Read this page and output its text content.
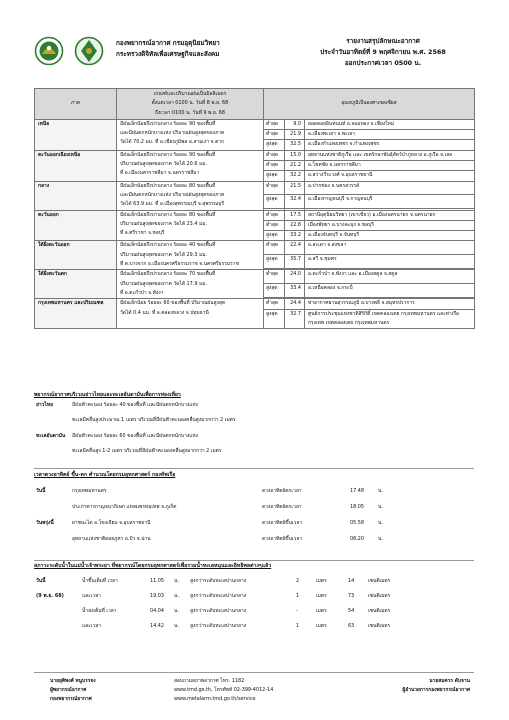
กองพยากรณ์อากาศ กรมอุตุนิยมวิทยา
กระทรวงดิจิทัลเพื่อเศรษฐกิจและสังคม
รายงานสรุปลักษณะอากาศ
ประจำวันอาทิตย์ที่ 9 พฤศจิกายน พ.ศ. 2568
ออกประกาศเวลา 0500 น.
ภาค	เกณฑ์และปริมาณฝนเป็นมิลลิเมตร
ตั้งแต่เวลา 0100 น. วันที่ 8 พ.ย. 68
ถึงเวลา 0100 น. วันที่ 9 พ.ย. 68	อุณหภูมิเป็นองศาเซลเซียส		
เหนือ	มีฝนเล็กน้อยถึงปานกลาง ร้อยละ 90 ของพื้นที่
และมีฝนตกหนักบางแห่ง ปริมาณฝนสูงสุดของภาค
วัดได้ 70.2 มม. ที่ อ.เชียงภูมิพล อ.สามเงา จ.ตาก	ต่ำสุด	9.0	ยอดดอยอินทนนท์ อ.จอมทอง จ.เชียงใหม่
		ต่ำสุด	21.9	อ.เมืองพะเยา จ.พะเยา
		สูงสุด	32.5	อ.เมืองกำแพงเพชร จ.กำแพงเพชร
ตะวันออกเฉียงเหนือ	มีฝนเล็กน้อยถึงปานกลาง ร้อยละ 90 ของพื้นที่
ปริมาณฝนสูงสุดของภาค วัดได้ 20.6 มม.
ที่ อ.เมืองนครราชสีมา จ.นครราชสีมา	ต่ำสุด	15.0	อุทยานแห่งชาติภูเรือ และ เขตรักษาพันธุ์สัตว์ป่าภูหลวง อ.ภูเรือ จ.เลย
		ต่ำสุด	21.2	อ.โชคชัย จ.นครราชสีมา
		สูงสุด	32.2	อ.สว่างวีระวงศ์ จ.อุบลราชธานี
กลาง	มีฝนเล็กน้อยถึงปานกลาง ร้อยละ 80 ของพื้นที่
และมีฝนตกหนักบางแห่ง ปริมาณฝนสูงสุดของภาค
วัดได้ 63.9 มม. ที่ อ.เมืองสุพรรณบุรี จ.สุพรรณบุรี	ต่ำสุด	21.5	อ.ปากช่อง จ.นครสวรรค์
		สูงสุด	32.4	อ.เมืองกาญจนบุรี จ.กาญจนบุรี

ตะวันออก	มีฝนเล็กน้อยถึงปานกลาง ร้อยละ 80 ของพื้นที่
ปริมาณฝนสูงสุดของภาค วัดได้ 23.4 มม.
ที่ อ.ศรีราชา จ.ชลบุรี	ต่ำสุด	17.5	สถานีอุตุนิยมวิทยา (เขาเขียว) อ.เมืองนครนายก จ.นครนายก
		ต่ำสุด	22.8	เมืองพัทยา อ.บางละมุง จ.ชลบุรี
		สูงสุด	33.2	อ.เมืองจันทบุรี จ.จันทบุรี
ใต้ฝั่งตะวันออก	มีฝนเล็กน้อยถึงปานกลาง ร้อยละ 40 ของพื้นที่
ปริมาณฝนสูงสุดของภาค วัดได้ 29.3 มม.
ที่ ต.บางจาก อ.เมืองนครศรีธรรมราช จ.นครศรีธรรมราช	ต่ำสุด	22.4	อ.สะเดา จ.สงขลา
		สูงสุด	35.7	อ.สวี จ.ชุมพร

ใต้ฝั่งตะวันตก	มีฝนเล็กน้อยถึงปานกลาง ร้อยละ 70 ของพื้นที่
ปริมาณฝนสูงสุดของภาค วัดได้ 17.9 มม.
ที่ อ.ตะกั่วป่า จ.พังงา	ต่ำสุด	24.0	อ.ตะกั่วป่า จ.พังงา และ อ.เมืองสตูล จ.สตูล
		สูงสุด	33.4	อ.เหนือคลอง จ.กระบี่

กรุงเทพมหานคร และปริมณฑล	มีฝนเล็กน้อย ร้อยละ 60 ของพื้นที่ ปริมาณฝนสูงสุด
วัดได้ 0.4 มม. ที่ อ.คลองหลวง จ.ปทุมธานี	ต่ำสุด	24.4	ท่าอากาศยานสุวรรณภูมิ อ.บางพลี จ.สมุทรปราการ
		สูงสุด	32.7	ศูนย์การประชุมแห่งชาติสิริกิติ์ เขตคลองเตย กรุงเทพมหานคร และท่าเรือกรุงเทพ เขตคลองเตย กรุงเทพมหานคร
พยากรณ์อากาศบริเวณอ่าวไทยและทะเลอันดามันเพื่อการท่องเที่ยว
อ่าวไทย	มีฝนฟ้าคะนอง ร้อยละ 40 ของพื้นที่ และมีฝนตกหนักบางแห่ง
ทะเลมีคลื่นสูงประมาณ 1 เมตร บริเวณที่มีฝนฟ้าคะนองคลื่นสูงมากกว่า 2 เมตร
ทะเลอันดามัน มีฝนฟ้าคะนอง ร้อยละ 60 ของพื้นที่ และมีฝนตกหนักบางแห่ง
ทะเลมีคลื่นสูง 1-2 เมตร บริเวณที่มีฝนฟ้าคะนองคลื่นสูงมากกว่า 2 เมตร
เวลาดวงอาทิตย์ ขึ้น-ตก คำนวณโดยกรมอุทกศาสตร์ กองทัพเรือ
วันนี้	กรุงเทพมหานคร	ดวงอาทิตย์ตกเวลา	17.48	น.
ประภาคารกาญจนาภิเษก แหลมพรหมเทพ จ.ภูเก็ต	ดวงอาทิตย์ตกเวลา	18.05	น.
วันพรุ่งนี้	ผาชนะได อ.โขงเจียม จ.อุบลราชธานี	ดวงอาทิตย์ขึ้นเวลา	05.58	น.
อุทยานแห่งชาติดอยภูคา อ.ปัว จ.น่าน	ดวงอาทิตย์ขึ้นเวลา	06.20	น.
สภาวะระดับน้ำในแม่น้ำเจ้าพระยา ที่พยากรณ์โดยกรมอุทกศาสตร์เพื่อรวมน้ำทะเลหนุนและอิทธิพลต่างๆแล้ว
วันนี้	น้ำขึ้นเต็มที่ เวลา	11.05 น. สูงกว่าระดับทะเลปานกลาง	2	เมตร	14	เซนติเมตร
(9 พ.ย. 68)	และเวลา	19.03 น. สูงกว่าระดับทะเลปานกลาง	1	เมตร	73	เซนติเมตร
น้ำลงเต็มที่ เวลา	04.04 น. สูงกว่าระดับทะเลปานกลาง	-	เมตร	54	เซนติเมตร
และเวลา	14.42 น. สูงกว่าระดับทะเลปานกลาง	1	เมตร	63	เซนติเมตร
นายยุติพงศ์ หนูบรรจง
ผู้พยากรณ์อากาศ
กองพยากรณ์อากาศ
สอบถามสภาพอากาศ โทร. 1182
www.tmd.go.th, โทรศัพท์ 02-399-4012-14
www.metalarm.tmd.go.th/service
นายสมควร ดับจาน
ผู้อำนวยการกองพยากรณ์อากาศ
